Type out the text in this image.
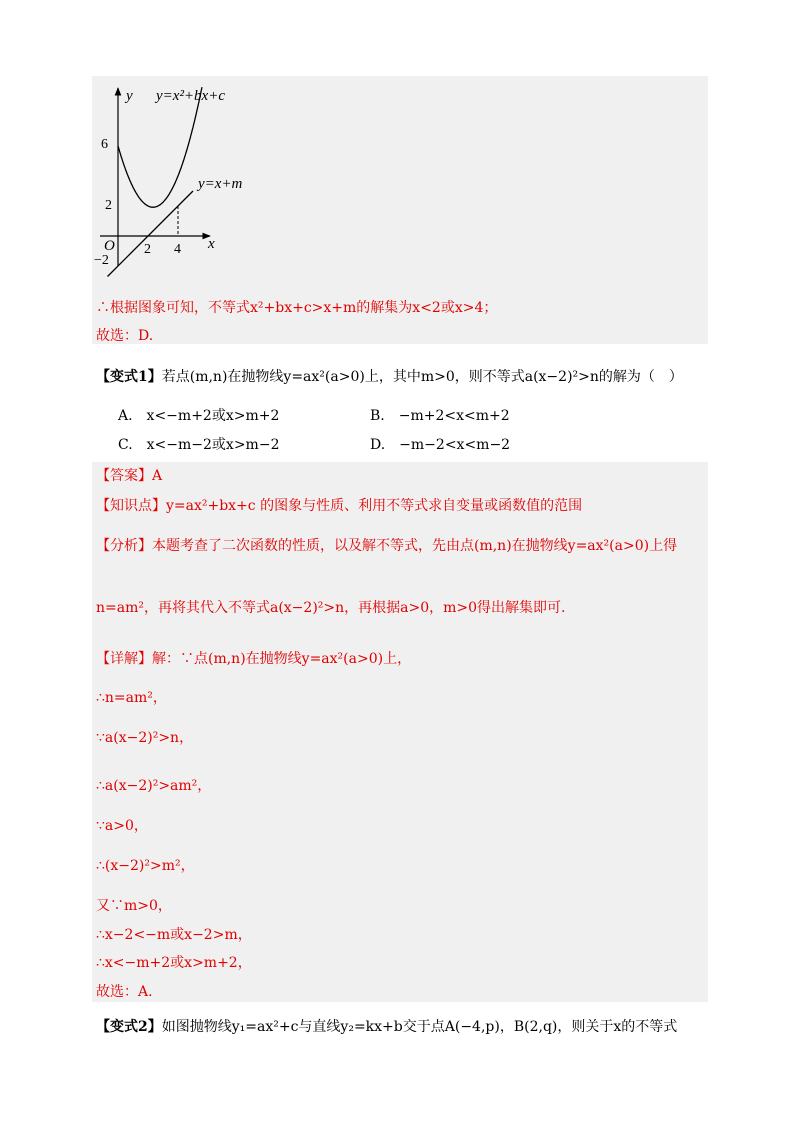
y
x
O
y=x²+bx+c
y=x+m
6
2
−2
2 4
∴根据图象可知，不等式x²+bx+c>x+m的解集为x<2或x>4；
故选：D.
【变式1】若点(m,n)在抛物线y=ax²(a>0)上，其中m>0，则不等式a(x−2)²>n的解为（　）
A.　x<−m+2或x>m+2	B.　−m+2<x<m+2
C.　x<−m−2或x>m−2	D.　−m−2<x<m−2
【答案】A
【知识点】y=ax²+bx+c 的图象与性质、利用不等式求自变量或函数值的范围
【分析】本题考查了二次函数的性质，以及解不等式，先由点(m,n)在抛物线y=ax²(a>0)上得
n=am²，再将其代入不等式a(x−2)²>n，再根据a>0，m>0得出解集即可.
【详解】解：∵点(m,n)在抛物线y=ax²(a>0)上，
∴n=am²，
∵a(x−2)²>n，
∴a(x−2)²>am²，
∵a>0，
∴(x−2)²>m²，
又∵m>0，
∴x−2<−m或x−2>m，
∴x<−m+2或x>m+2，
故选：A.
【变式2】如图抛物线y₁=ax²+c与直线y₂=kx+b交于点A(−4,p)，B(2,q)，则关于x的不等式
